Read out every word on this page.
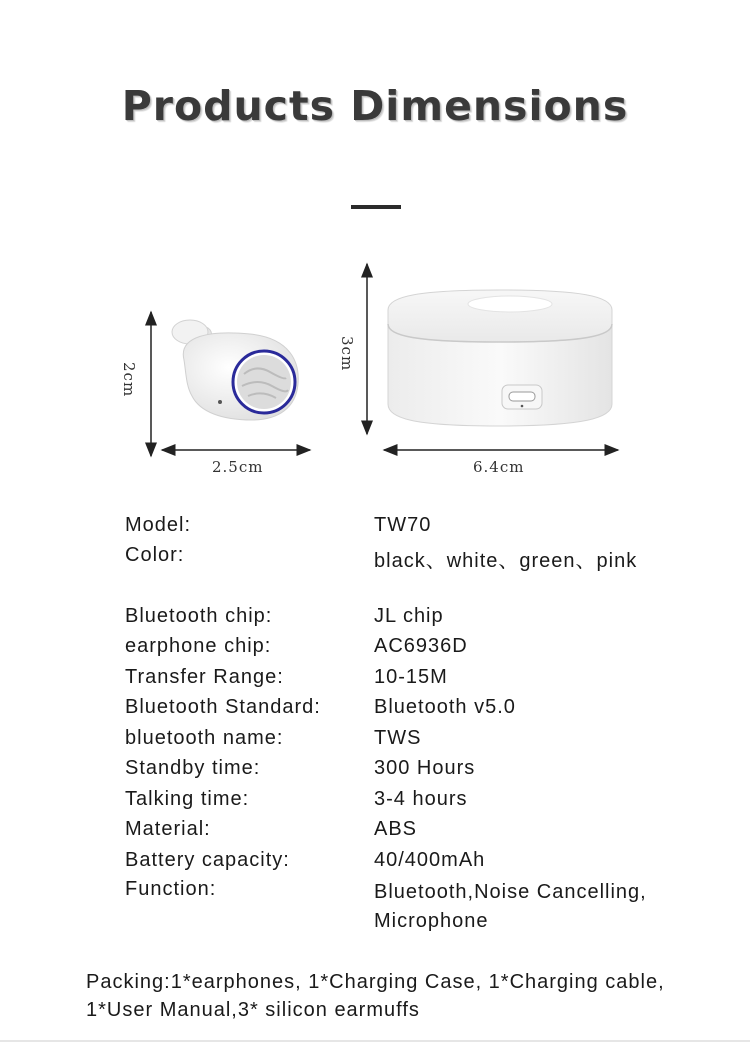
Products Dimensions
2cm
2.5cm
3cm
6.4cm
Model:	TW70
Color:	black、white、green、pink
Bluetooth chip:	JL chip
earphone chip:	AC6936D
Transfer Range:	10-15M
Bluetooth Standard:	Bluetooth v5.0
bluetooth name:	TWS
Standby time:	300 Hours
Talking time:	3-4 hours
Material:	ABS
Battery capacity:	40/400mAh
Function:	Bluetooth,Noise Cancelling, Microphone
Packing:1*earphones, 1*Charging Case, 1*Charging cable, 1*User Manual,3* silicon earmuffs
